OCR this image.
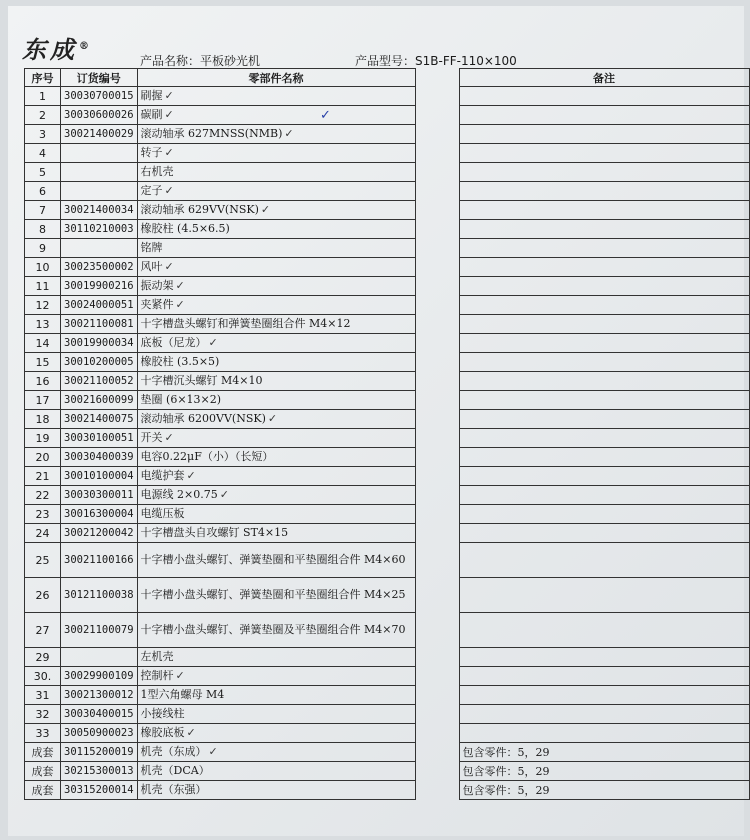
东成®
产品名称：平板砂光机	产品型号：S1B-FF-110×100
✓
序号	订货编号	零部件名称		备注
1	30030700015	刷握 ✓		
2	30030600026	碳刷 ✓		
3	30021400029	滚动轴承 627MNSS(NMB) ✓		
4		转子 ✓		
5		右机壳		
6		定子 ✓		
7	30021400034	滚动轴承 629VV(NSK) ✓		
8	30110210003	橡胶柱 (4.5×6.5)		
9		铭牌		
10	30023500002	风叶 ✓		
11	30019900216	振动架 ✓		
12	30024000051	夹紧件 ✓		
13	30021100081	十字槽盘头螺钉和弹簧垫圈组合件 M4×12		
14	30019900034	底板（尼龙） ✓		
15	30010200005	橡胶柱 (3.5×5)		
16	30021100052	十字槽沉头螺钉 M4×10		
17	30021600099	垫圈 (6×13×2)		
18	30021400075	滚动轴承 6200VV(NSK) ✓		
19	30030100051	开关 ✓		
20	30030400039	电容0.22μF（小）（长短）		
21	30010100004	电缆护套 ✓		
22	30030300011	电源线 2×0.75 ✓		
23	30016300004	电缆压板		
24	30021200042	十字槽盘头自攻螺钉 ST4×15		
25	30021100166	十字槽小盘头螺钉、弹簧垫圈和平垫圈组合件 M4×60		
26	30121100038	十字槽小盘头螺钉、弹簧垫圈和平垫圈组合件 M4×25		
27	30021100079	十字槽小盘头螺钉、弹簧垫圈及平垫圈组合件 M4×70		
29		左机壳		
30.	30029900109	控制杆 ✓		
31	30021300012	1型六角螺母 M4		
32	30030400015	小接线柱		
33	30050900023	橡胶底板 ✓		
成套	30115200019	机壳（东成） ✓		包含零件：5，29
成套	30215300013	机壳（DCA）		包含零件：5，29
成套	30315200014	机壳（东强）		包含零件：5，29
